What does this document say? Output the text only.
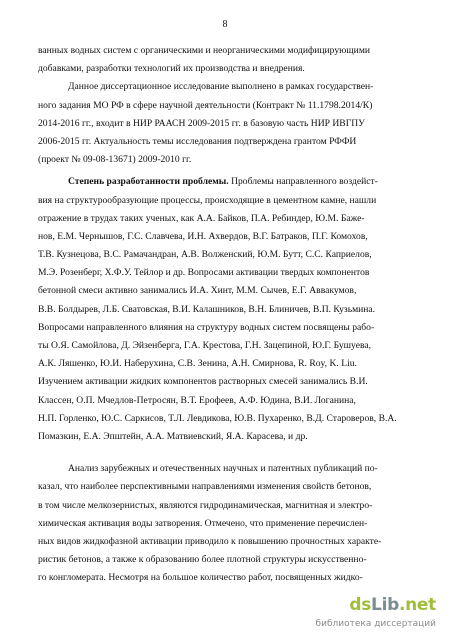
8
ванных водных систем с органическими и неорганическими модифицирующими
добавками, разработки технологий их производства и внедрения.
Данное диссертационное исследование выполнено в рамках государствен-
ного задания МО РФ в сфере научной деятельности (Контракт № 11.1798.2014/К)
2014-2016 гг., входит в НИР РААСН 2009-2015 гг. в базовую часть НИР ИВГПУ
2006-2015 гг. Актуальность темы исследования подтверждена грантом РФФИ
(проект № 09-08-13671) 2009-2010 гг.
Степень разработанности проблемы. Проблемы направленного воздейст-
вия на структурообразующие процессы, происходящие в цементном камне, нашли
отражение в трудах таких ученых, как А.А. Байков, П.А. Ребиндер, Ю.М. Баже-
нов, Е.М. Чернышов, Г.С. Славчева, И.Н. Ахвердов, В.Г. Батраков, П.Г. Комохов,
Т.В. Кузнецова, В.С. Рамачандран, А.В. Волженский, Ю.М. Бутт, С.С. Каприелов,
М.Э. Розенберг, Х.Ф.У. Тейлор и др. Вопросами активации твердых компонентов
бетонной смеси активно занимались И.А. Хинт, М.М. Сычев, Е.Г. Аввакумов,
В.В. Болдырев, Л.Б. Сватовская, В.И. Калашников, В.Н. Блиничев, В.П. Кузьмина.
Вопросами направленного влияния на структуру водных систем посвящены рабо-
ты О.Я. Самойлова, Д. Эйзенберга, Г.А. Крестова, Г.Н. Зацепиной, Ю.Г. Бушуева,
А.К. Ляшенко, Ю.И. Наберухина, С.В. Зенина, А.Н. Смирнова, R. Roy, K. Liu.
Изучением активации жидких компонентов растворных смесей занимались В.И.
Классен, О.П. Мчедлов-Петросян, В.Т. Ерофеев, А.Ф. Юдина, В.И. Логанина,
Н.П. Горленко, Ю.С. Саркисов, Т.Л. Левдикова, Ю.В. Пухаренко, В.Д. Староверов, В.А. Помазкин, Е.А. Эпштейн, А.А. Матвиевский, Я.А. Карасева, и др.
Анализ зарубежных и отечественных научных и патентных публикаций по-
казал, что наиболее перспективными направлениями изменения свойств бетонов,
в том числе мелкозернистых, являются гидродинамическая, магнитная и электро-
химическая активация воды затворения. Отмечено, что применение перечислен-
ных видов жидкофазной активации приводило к повышению прочностных характе-
ристик бетонов, а также к образованию более плотной структуры искусственно-
го конгломерата. Несмотря на большое количество работ, посвященных жидко-
dsLib.net
библиотека диссертаций
